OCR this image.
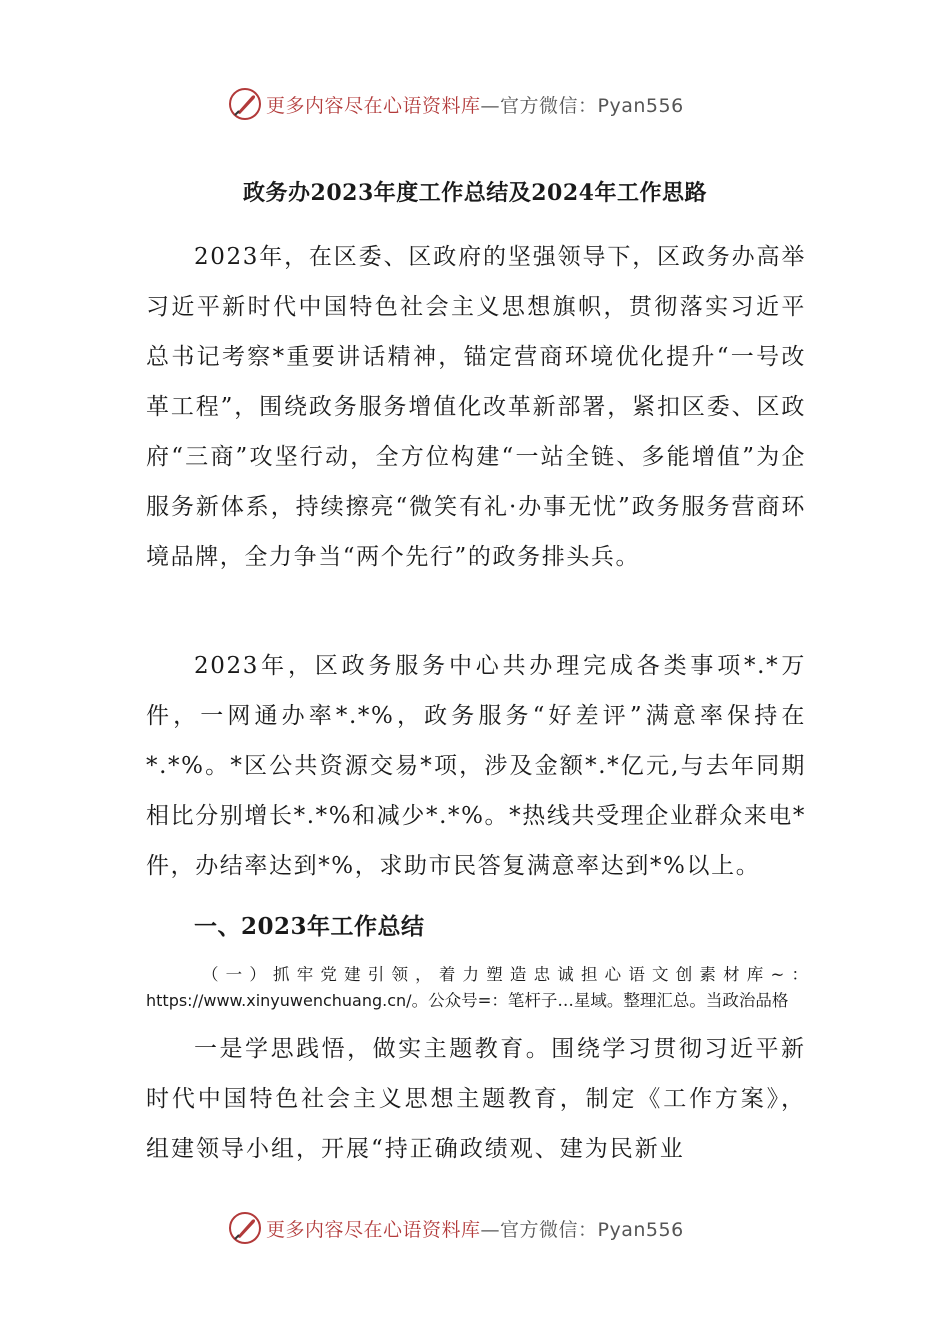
更多内容尽在心语资料库—官方微信：Pyan556
政务办2023年度工作总结及2024年工作思路

2023年，在区委、区政府的坚强领导下，区政务办高举习近平新时代中国特色社会主义思想旗帜，贯彻落实习近平总书记考察*重要讲话精神，锚定营商环境优化提升“一号改革工程”，围绕政务服务增值化改革新部署，紧扣区委、区政府“三商”攻坚行动，全方位构建“一站全链、多能增值”为企服务新体系，持续擦亮“微笑有礼·办事无忧”政务服务营商环境品牌，全力争当“两个先行”的政务排头兵。

2023年，区政务服务中心共办理完成各类事项*.*万件，一网通办率*.*%，政务服务“好差评”满意率保持在*.*%。*区公共资源交易*项，涉及金额*.*亿元,与去年同期相比分别增长*.*%和减少*.*%。*热线共受理企业群众来电*件，办结率达到*%，求助市民答复满意率达到*%以上。

一、2023年工作总结

（一）抓牢党建引领，着力塑造忠诚担心语文创素材库~：https://www.xinyuwenchuang.cn/。公众号=：笔杆子…星域。整理汇总。当政治品格

一是学思践悟，做实主题教育。围绕学习贯彻习近平新时代中国特色社会主义思想主题教育，制定《工作方案》，组建领导小组，开展“持正确政绩观、建为民新业

更多内容尽在心语资料库—官方微信：Pyan556
